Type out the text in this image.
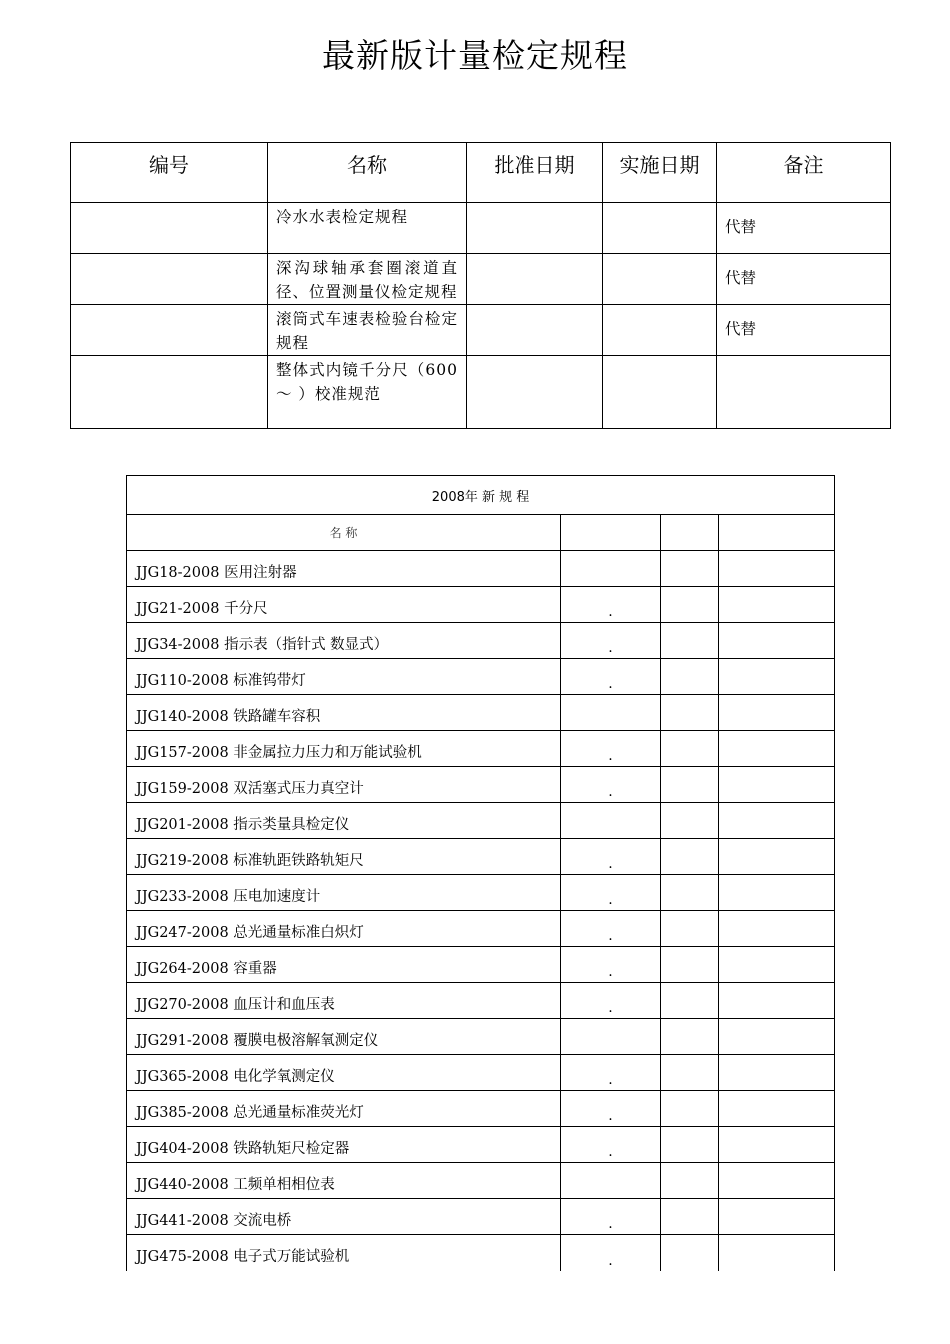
最新版计量检定规程
编号	名称	批准日期	实施日期	备注
	冷水水表检定规程			代替
	深沟球轴承套圈滚道直径、位置测量仪检定规程			代替
	滚筒式车速表检验台检定规程			代替
	整体式内镜千分尺（600～ ）校准规范			
2008年 新 规 程			
名 称			
JJG18-2008 医用注射器			
JJG21-2008 千分尺	.		
JJG34-2008 指示表（指针式 数显式）	.		
JJG110-2008 标准钨带灯	.		
JJG140-2008 铁路罐车容积			
JJG157-2008 非金属拉力压力和万能试验机	.		
JJG159-2008 双活塞式压力真空计	.		
JJG201-2008 指示类量具检定仪			
JJG219-2008 标准轨距铁路轨矩尺	.		
JJG233-2008 压电加速度计	.		
JJG247-2008 总光通量标准白炽灯	.		
JJG264-2008 容重器	.		
JJG270-2008 血压计和血压表	.		
JJG291-2008 覆膜电极溶解氧测定仪			
JJG365-2008 电化学氧测定仪	.		
JJG385-2008 总光通量标准荧光灯	.		
JJG404-2008 铁路轨矩尺检定器	.		
JJG440-2008 工频单相相位表			
JJG441-2008 交流电桥	.		
JJG475-2008 电子式万能试验机	.		
